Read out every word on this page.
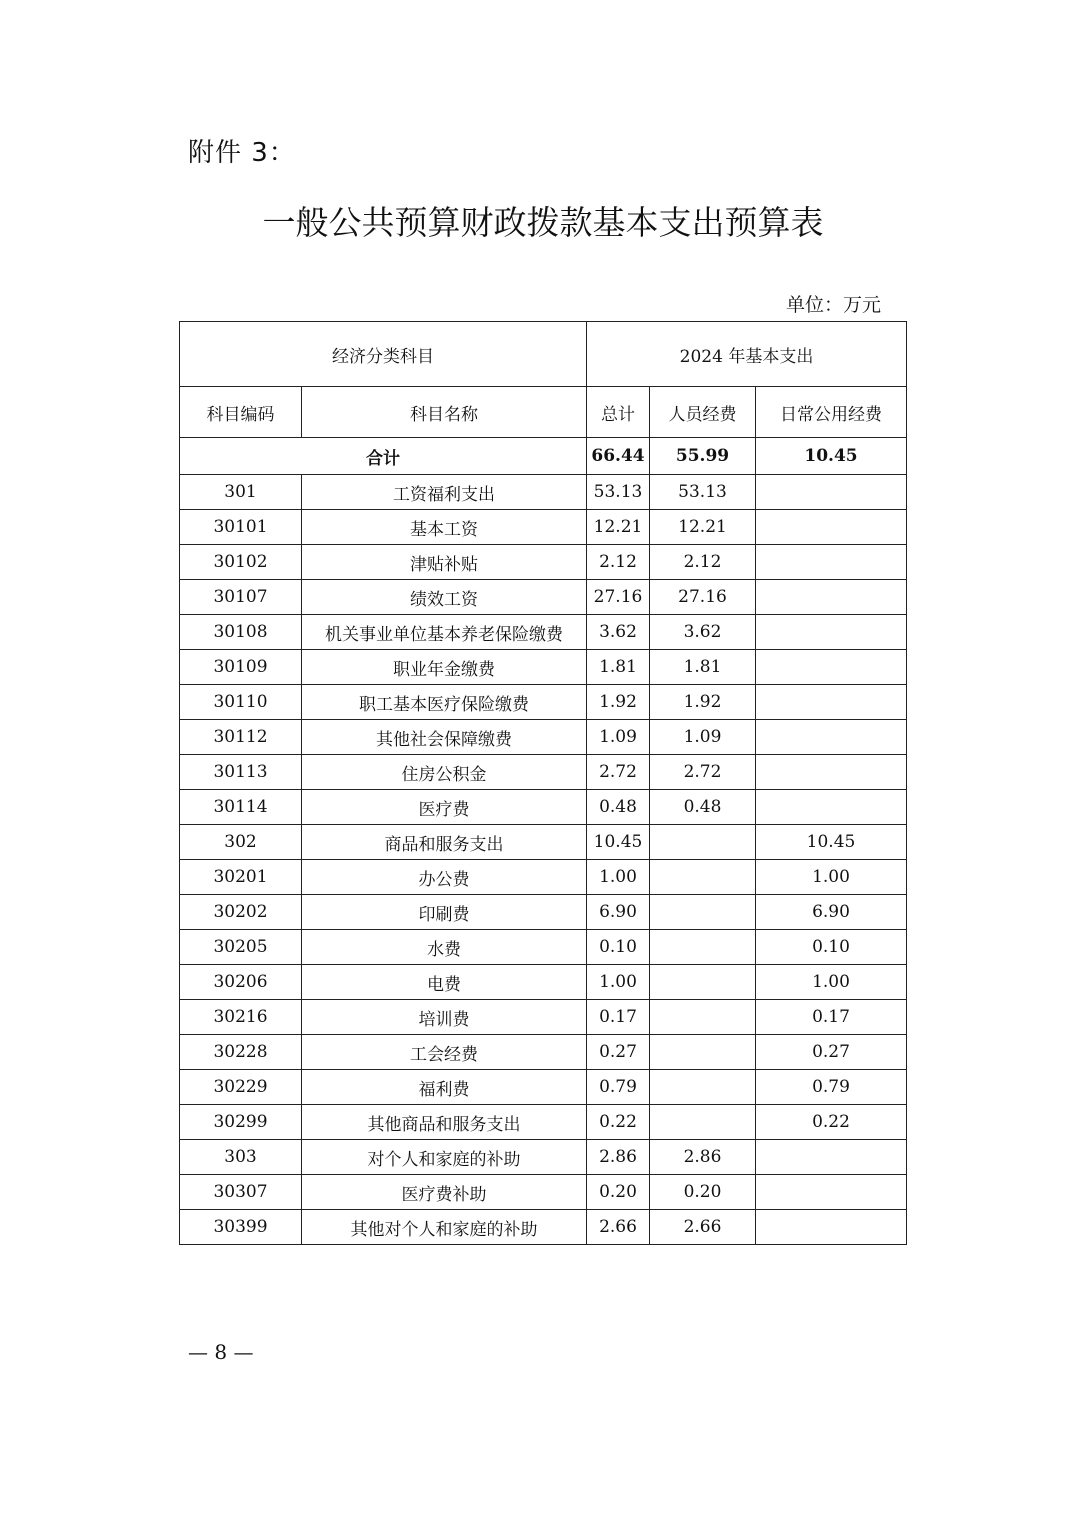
附件 3：
一般公共预算财政拨款基本支出预算表
单位：万元
经济分类科目		2024 年基本支出		
科目编码	科目名称	总计	人员经费	日常公用经费
合计		66.44	55.99	10.45
301	工资福利支出	53.13	53.13	
30101	基本工资	12.21	12.21	
30102	津贴补贴	2.12	2.12	
30107	绩效工资	27.16	27.16	
30108	机关事业单位基本养老保险缴费	3.62	3.62	
30109	职业年金缴费	1.81	1.81	
30110	职工基本医疗保险缴费	1.92	1.92	
30112	其他社会保障缴费	1.09	1.09	
30113	住房公积金	2.72	2.72	
30114	医疗费	0.48	0.48	
302	商品和服务支出	10.45		10.45
30201	办公费	1.00		1.00
30202	印刷费	6.90		6.90
30205	水费	0.10		0.10
30206	电费	1.00		1.00
30216	培训费	0.17		0.17
30228	工会经费	0.27		0.27
30229	福利费	0.79		0.79
30299	其他商品和服务支出	0.22		0.22
303	对个人和家庭的补助	2.86	2.86	
30307	医疗费补助	0.20	0.20	
30399	其他对个人和家庭的补助	2.66	2.66	
— 8 —
